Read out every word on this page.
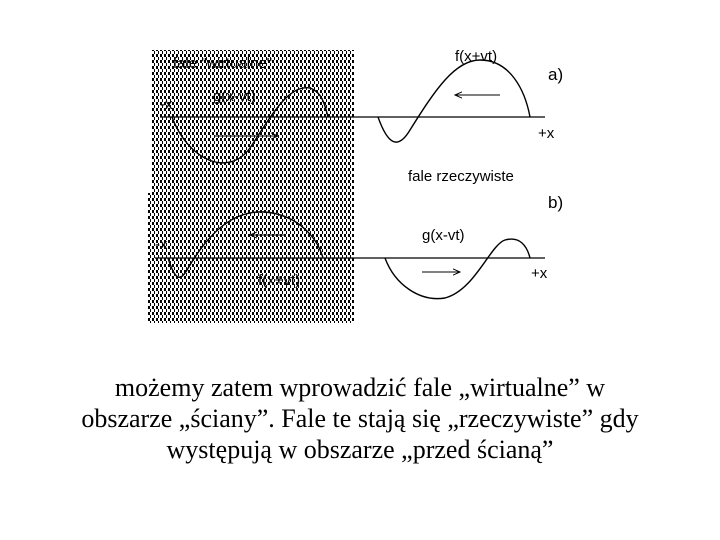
fale "wirtualne"
g(x-vt)
-x
f(x+vt)
+x
a)
fale rzeczywiste
-x
f(x+vt)
g(x-vt)
+x
b)
możemy zatem wprowadzić fale „wirtualne” w
obszarze „ściany”. Fale te stają się „rzeczywiste” gdy
występują w obszarze „przed ścianą”
